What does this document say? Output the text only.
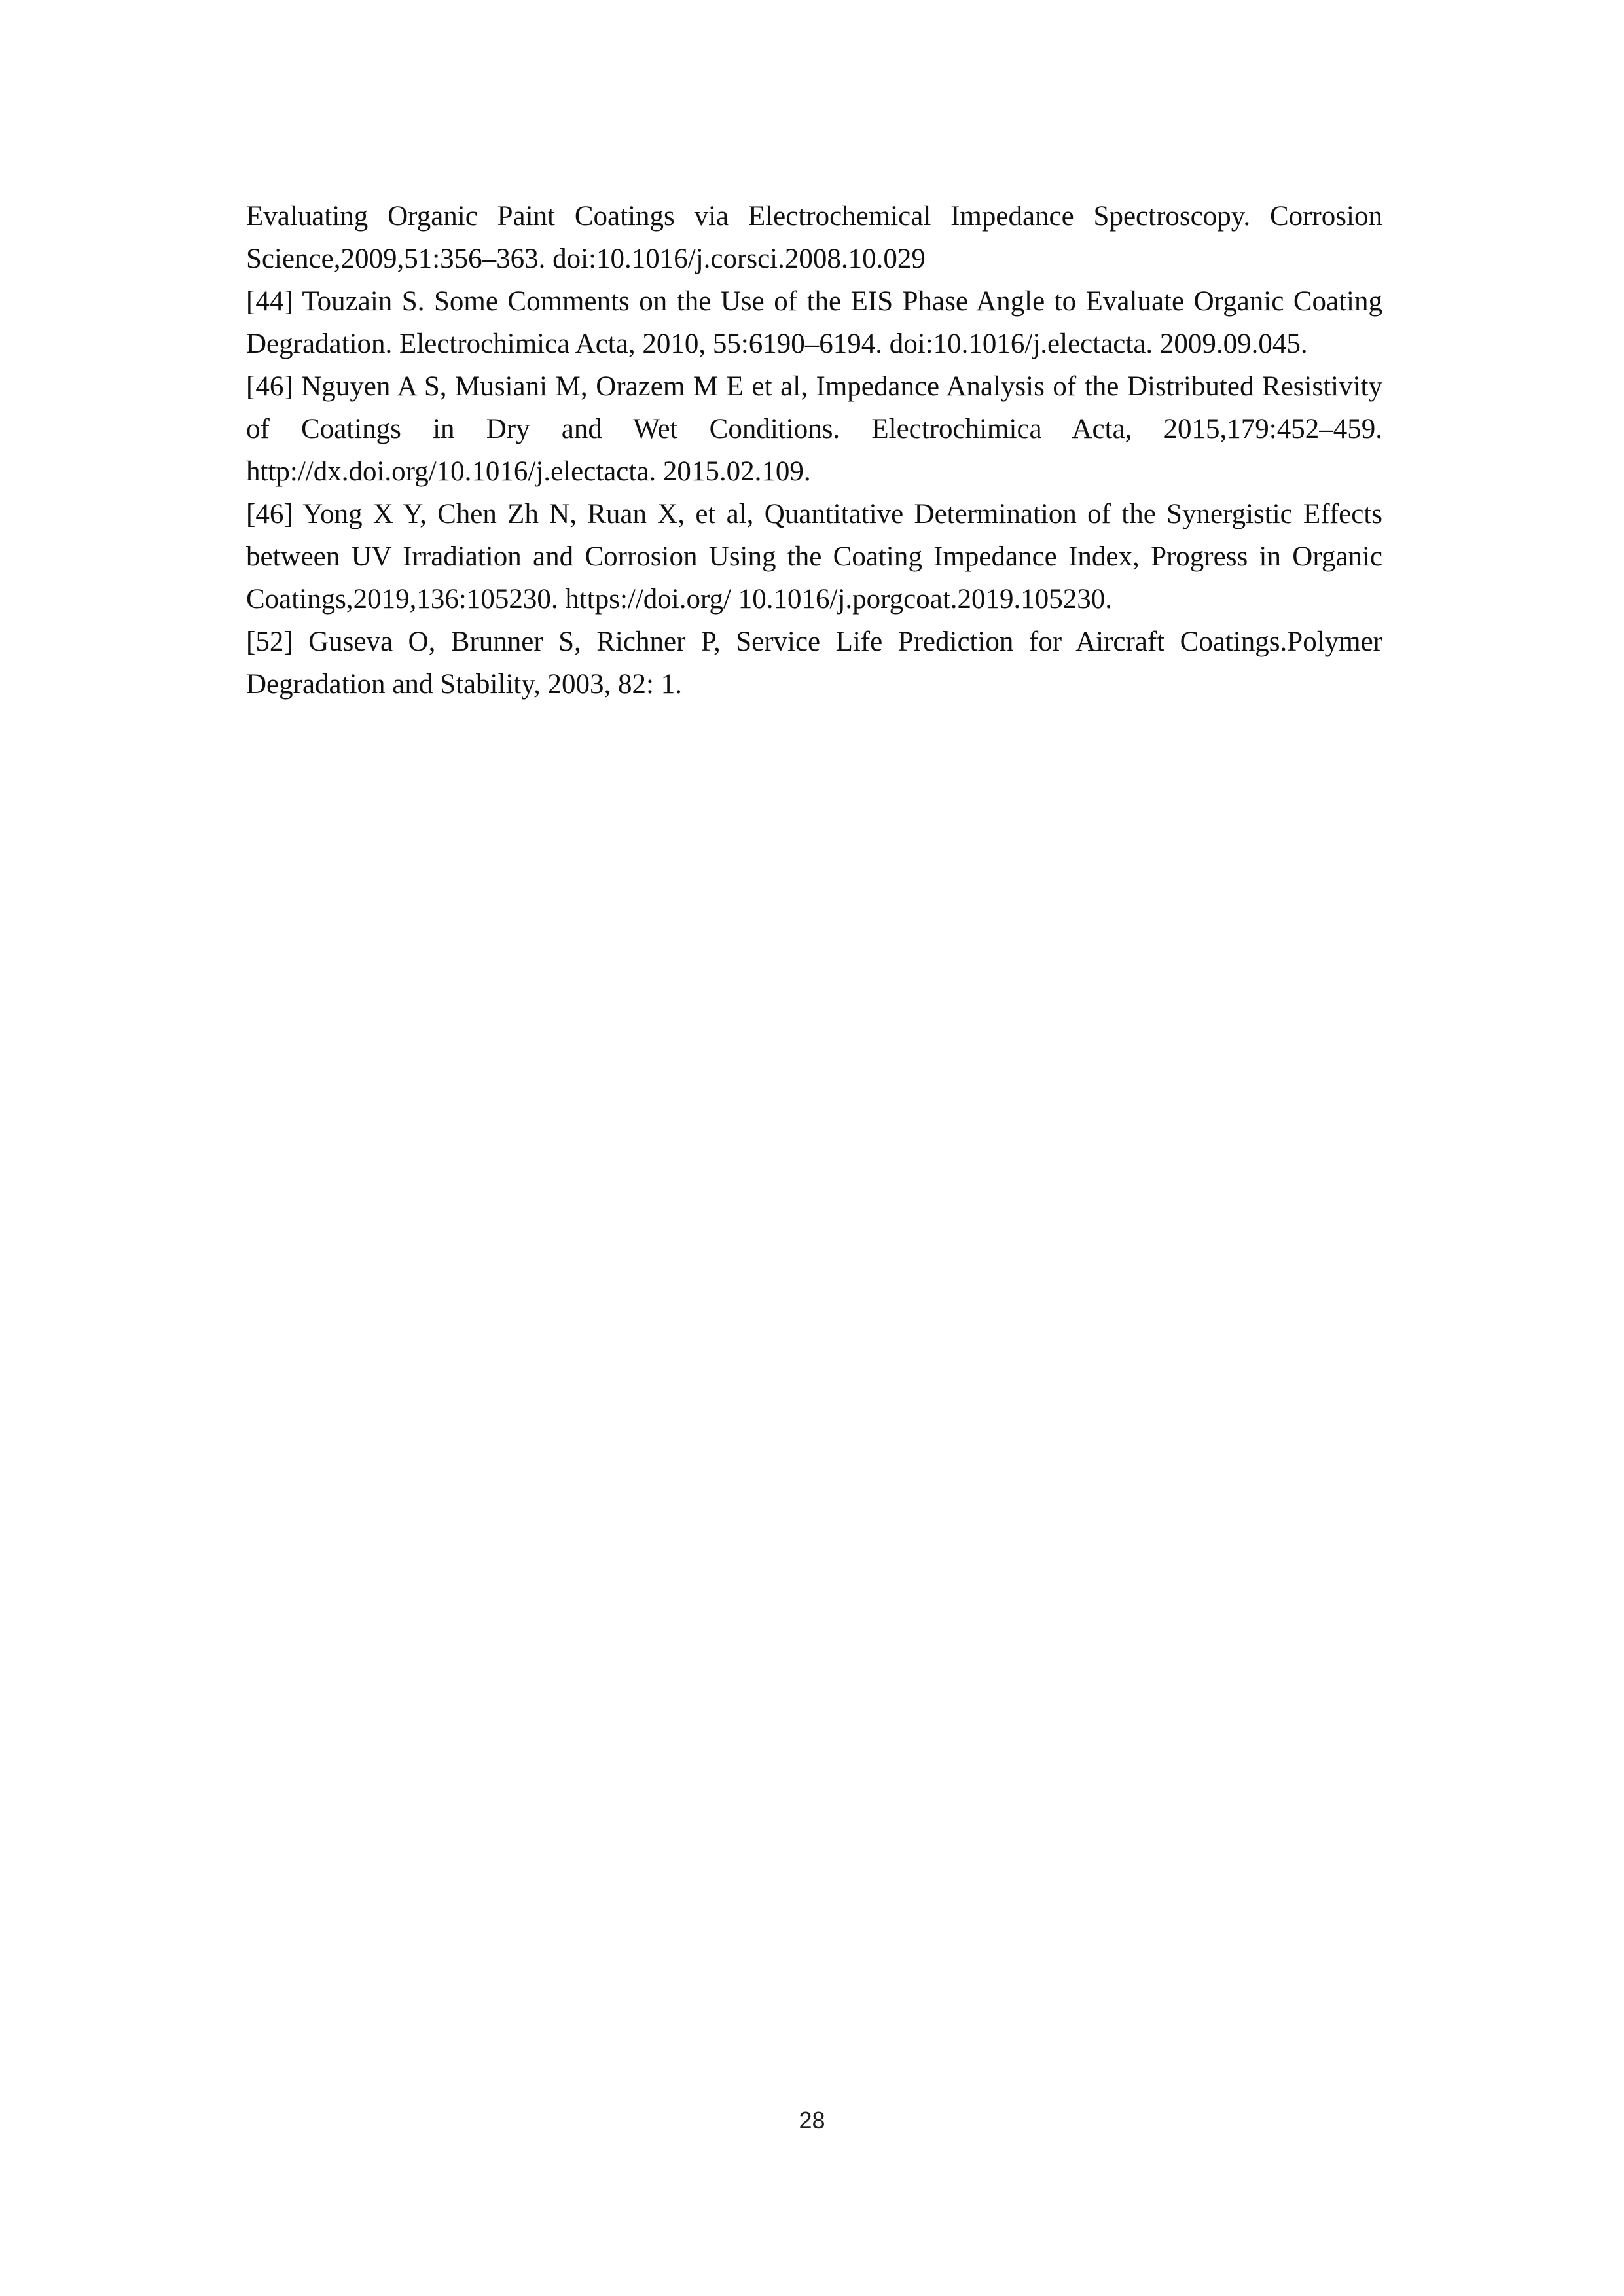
Evaluating Organic Paint Coatings via Electrochemical Impedance Spectroscopy. Corrosion
Science,2009,51:356–363. doi:10.1016/j.corsci.2008.10.029
[44] Touzain S. Some Comments on the Use of the EIS Phase Angle to Evaluate Organic Coating
Degradation. Electrochimica Acta, 2010, 55:6190–6194. doi:10.1016/j.electacta. 2009.09.045.
[46] Nguyen A S, Musiani M, Orazem M E et al, Impedance Analysis of the Distributed Resistivity
of Coatings in Dry and Wet Conditions. Electrochimica Acta, 2015,179:452–459.
http://dx.doi.org/10.1016/j.electacta. 2015.02.109.
[46] Yong X Y, Chen Zh N, Ruan X, et al, Quantitative Determination of the Synergistic Effects
between UV Irradiation and Corrosion Using the Coating Impedance Index, Progress in Organic
Coatings,2019,136:105230. https://doi.org/ 10.1016/j.porgcoat.2019.105230.
[52] Guseva O, Brunner S, Richner P, Service Life Prediction for Aircraft Coatings.Polymer
Degradation and Stability, 2003, 82: 1.
28
